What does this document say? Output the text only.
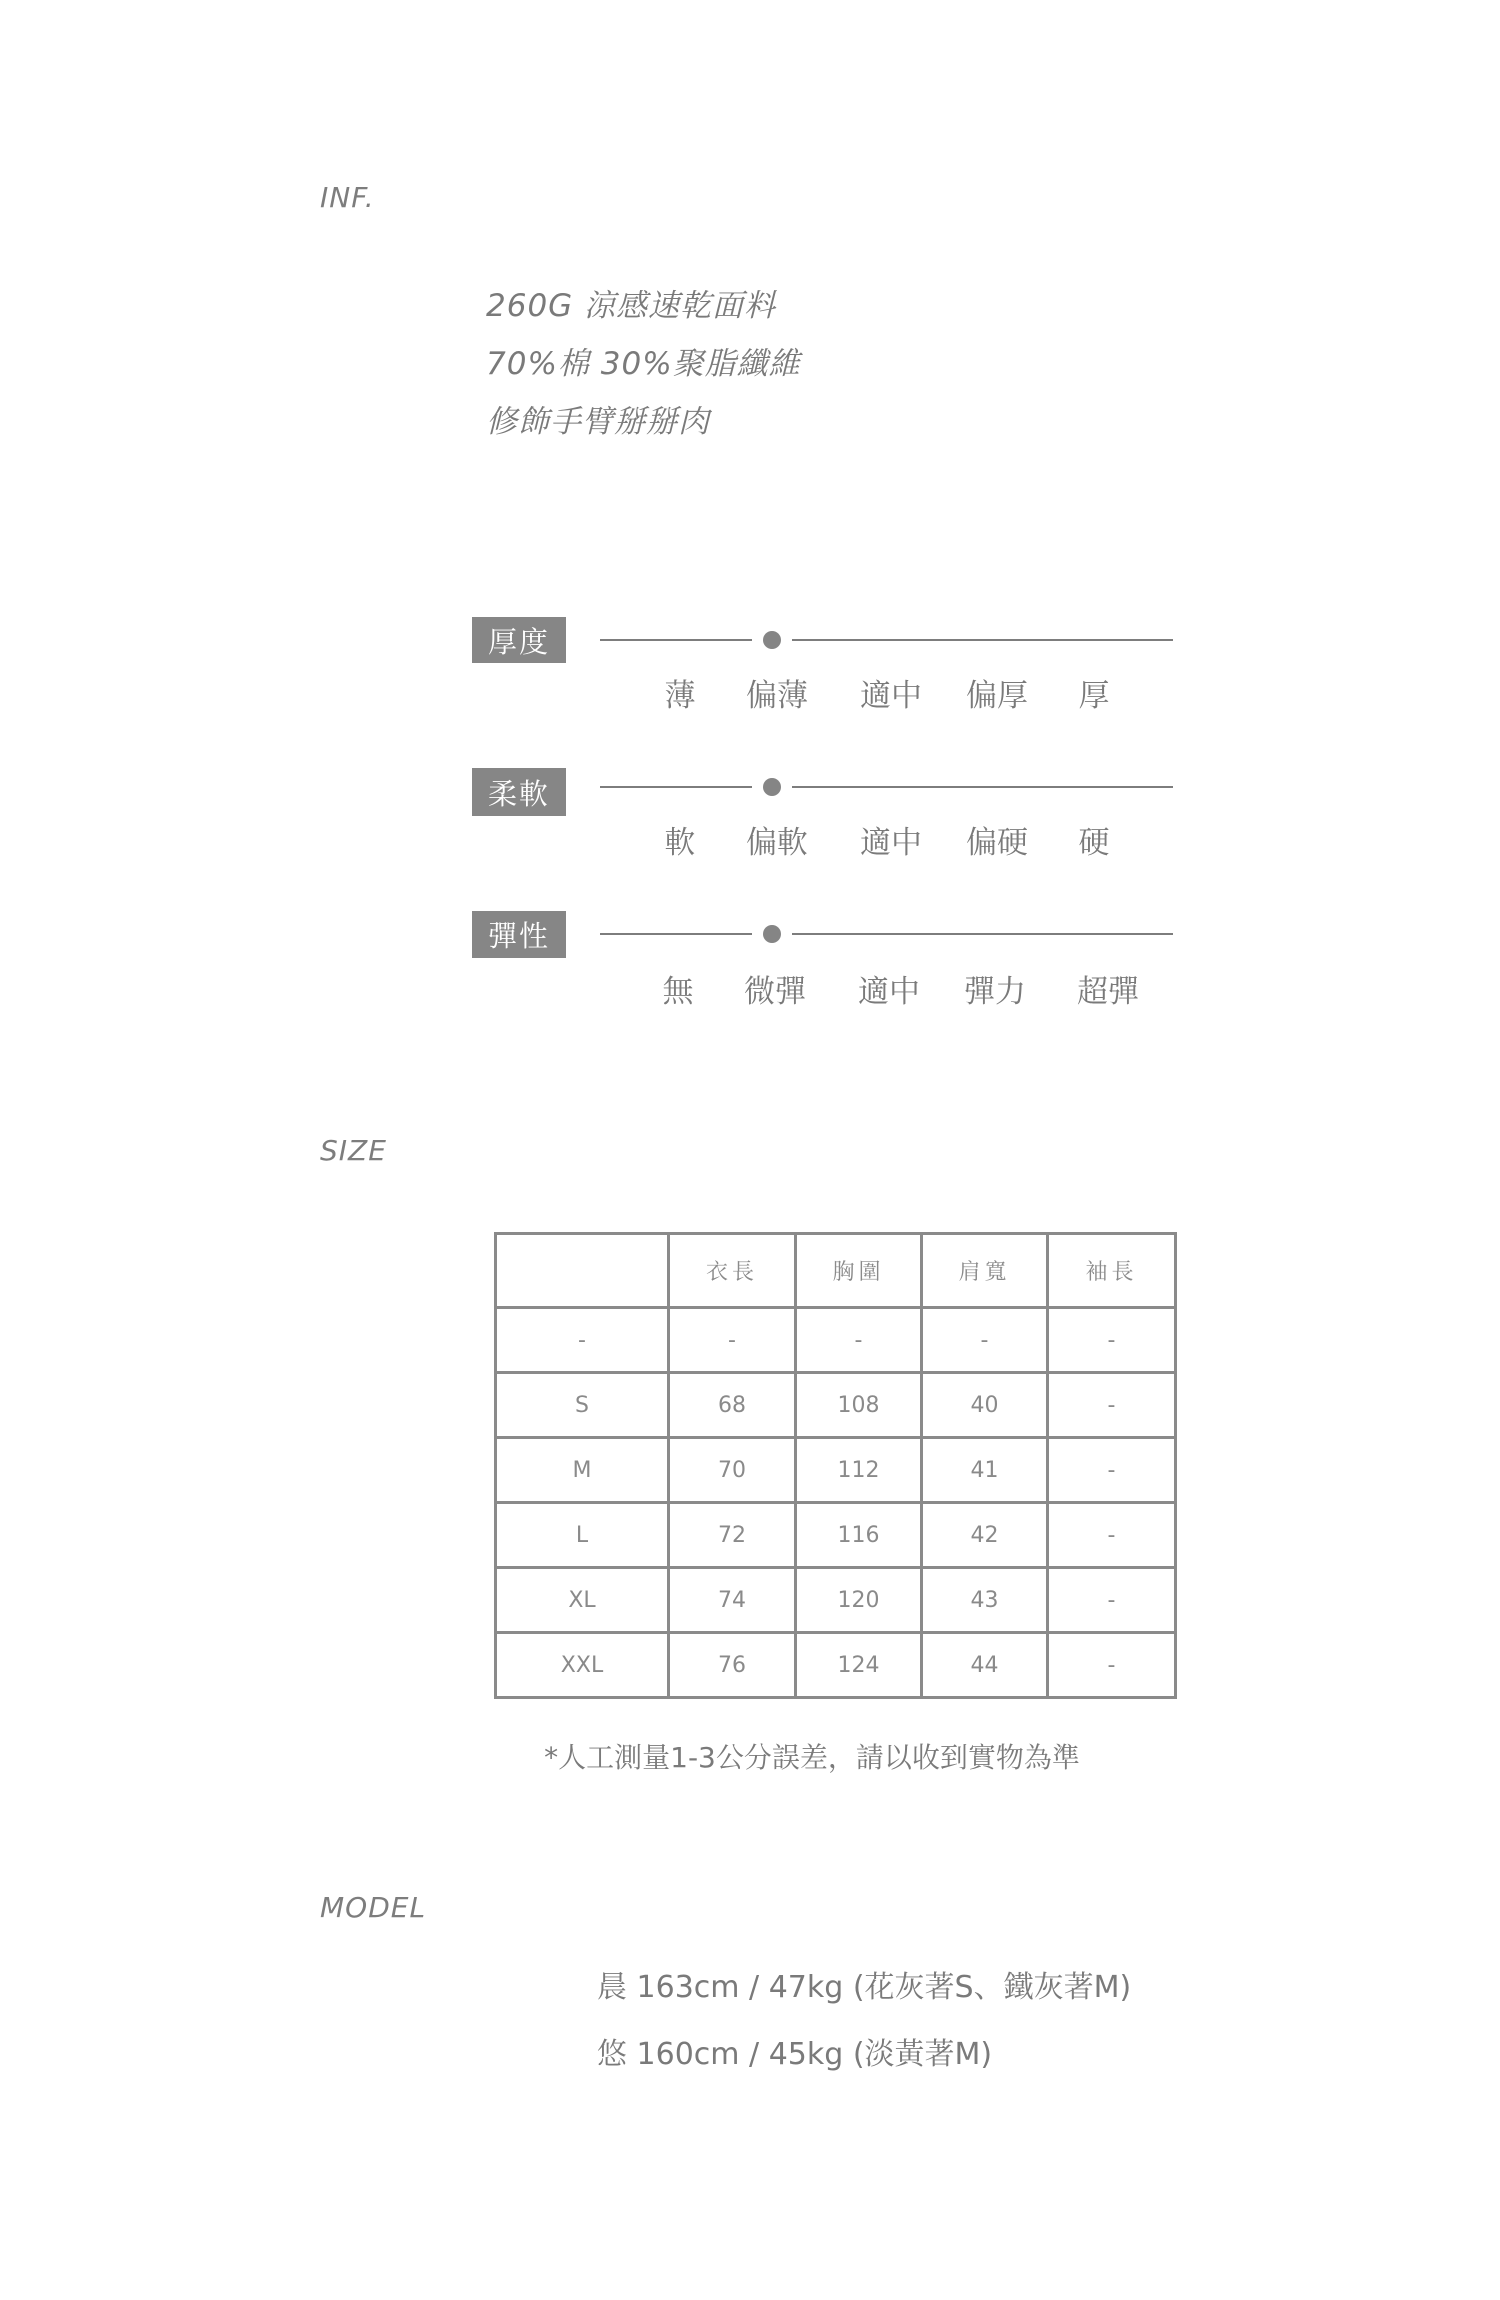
INF.
260G 涼感速乾面料
70%棉 30%聚脂纖維
修飾手臂掰掰肉
厚度
薄 偏薄 適中 偏厚 厚
柔軟
軟 偏軟 適中 偏硬 硬
彈性
無 微彈 適中 彈力 超彈
SIZE
	衣長	胸圍	肩寬	袖長
-	-	-	-	-
S	68	108	40	-
M	70	112	41	-
L	72	116	42	-
XL	74	120	43	-
XXL	76	124	44	-
*人工測量1-3公分誤差，請以收到實物為準
MODEL
晨 163cm / 47kg (花灰著S、鐵灰著M)
悠 160cm / 45kg (淡黃著M)
